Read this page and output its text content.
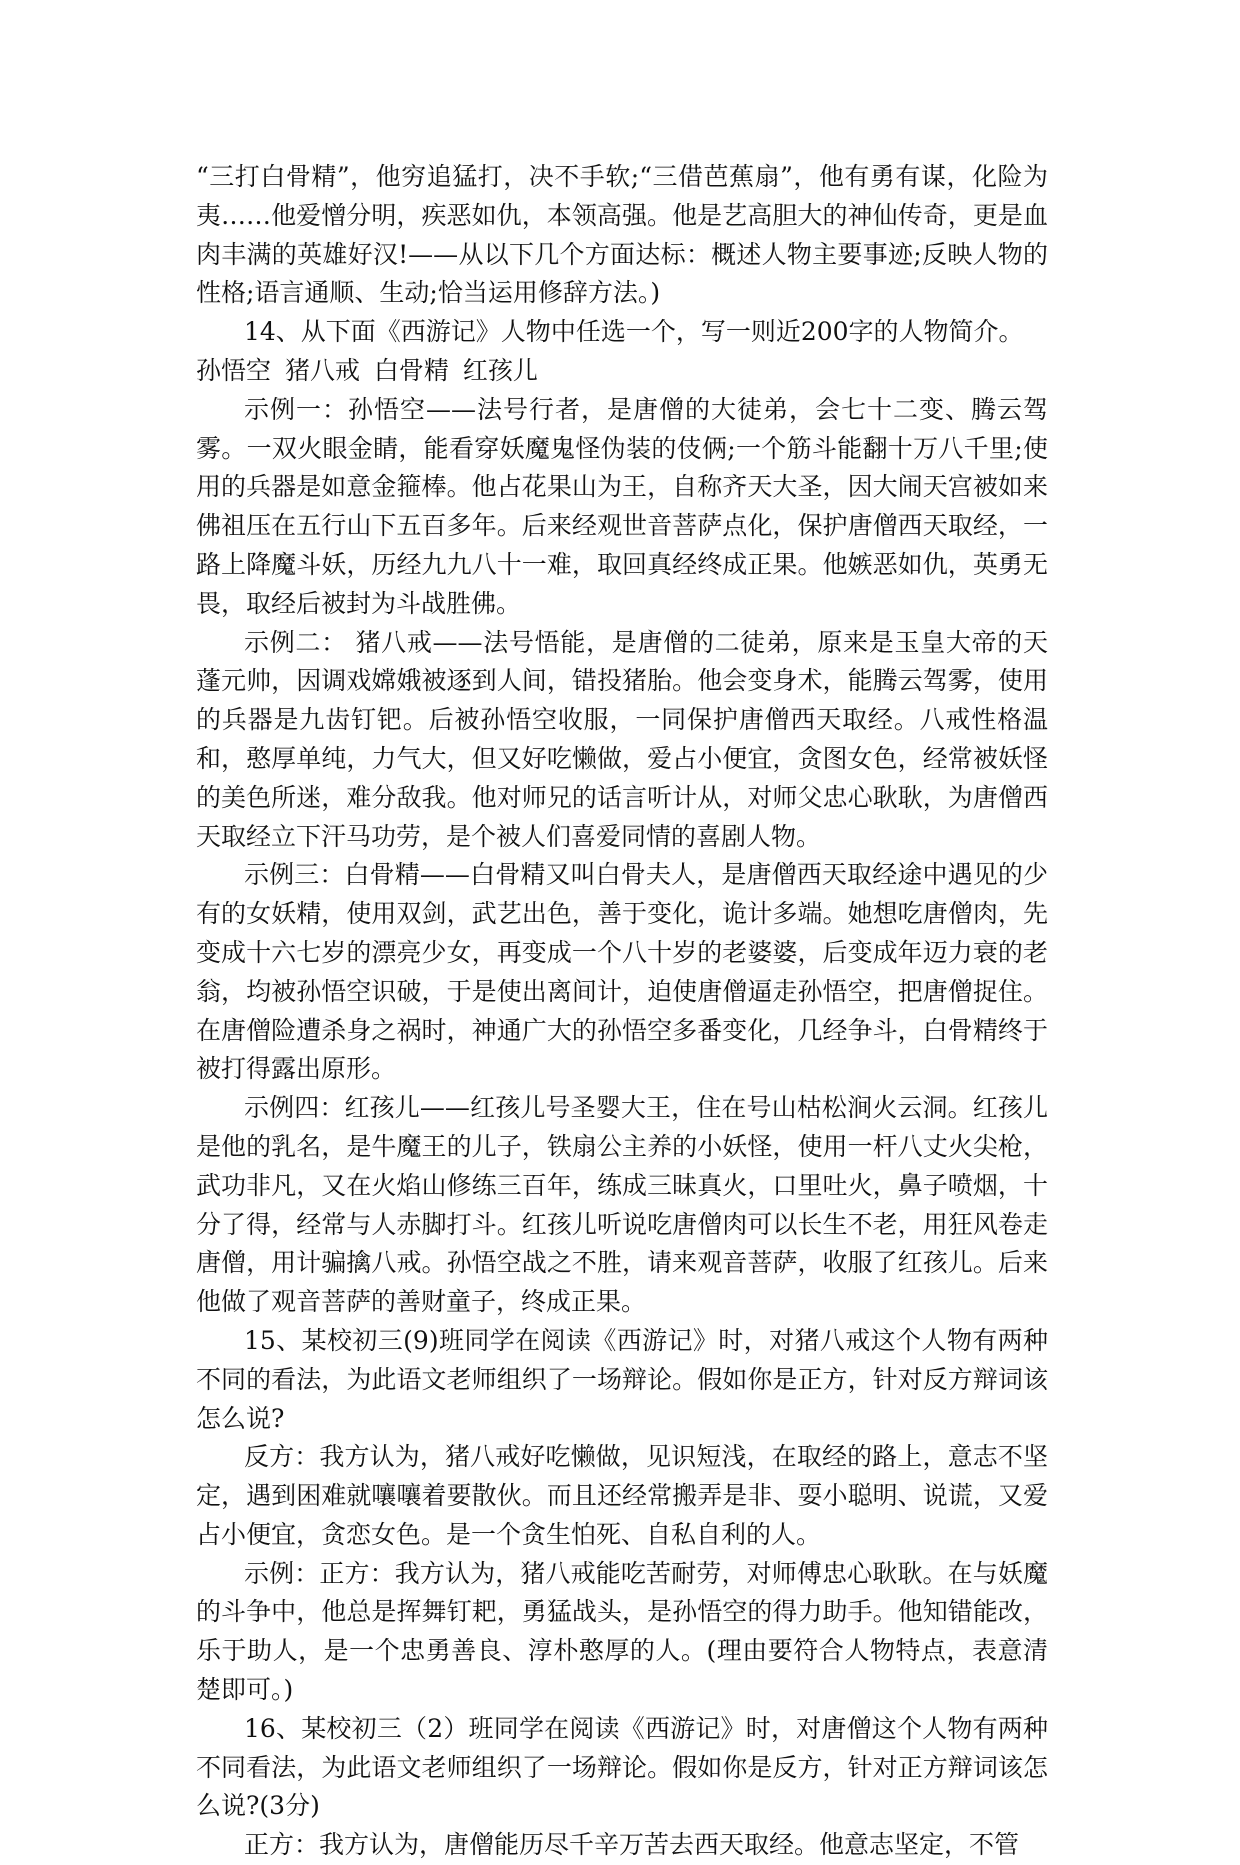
“三打白骨精”，他穷追猛打，决不手软;“三借芭蕉扇”，他有勇有谋，化险为夷……他爱憎分明，疾恶如仇，本领高强。他是艺高胆大的神仙传奇，更是血肉丰满的英雄好汉!——从以下几个方面达标：概述人物主要事迹;反映人物的性格;语言通顺、生动;恰当运用修辞方法。)

14、从下面《西游记》人物中任选一个，写一则近200字的人物简介。

孙悟空 猪八戒 白骨精 红孩儿

示例一：孙悟空——法号行者，是唐僧的大徒弟，会七十二变、腾云驾雾。一双火眼金睛，能看穿妖魔鬼怪伪装的伎俩;一个筋斗能翻十万八千里;使用的兵器是如意金箍棒。他占花果山为王，自称齐天大圣，因大闹天宫被如来佛祖压在五行山下五百多年。后来经观世音菩萨点化，保护唐僧西天取经，一路上降魔斗妖，历经九九八十一难，取回真经终成正果。他嫉恶如仇，英勇无畏，取经后被封为斗战胜佛。

示例二： 猪八戒——法号悟能，是唐僧的二徒弟，原来是玉皇大帝的天蓬元帅，因调戏嫦娥被逐到人间，错投猪胎。他会变身术，能腾云驾雾，使用的兵器是九齿钉钯。后被孙悟空收服，一同保护唐僧西天取经。八戒性格温和，憨厚单纯，力气大，但又好吃懒做，爱占小便宜，贪图女色，经常被妖怪的美色所迷，难分敌我。他对师兄的话言听计从，对师父忠心耿耿，为唐僧西天取经立下汗马功劳，是个被人们喜爱同情的喜剧人物。

示例三：白骨精——白骨精又叫白骨夫人，是唐僧西天取经途中遇见的少有的女妖精，使用双剑，武艺出色，善于变化，诡计多端。她想吃唐僧肉，先变成十六七岁的漂亮少女，再变成一个八十岁的老婆婆，后变成年迈力衰的老翁，均被孙悟空识破，于是使出离间计，迫使唐僧逼走孙悟空，把唐僧捉住。在唐僧险遭杀身之祸时，神通广大的孙悟空多番变化，几经争斗，白骨精终于被打得露出原形。

示例四：红孩儿——红孩儿号圣婴大王，住在号山枯松涧火云洞。红孩儿是他的乳名，是牛魔王的儿子，铁扇公主养的小妖怪，使用一杆八丈火尖枪，武功非凡，又在火焰山修练三百年，练成三昧真火，口里吐火，鼻子喷烟，十分了得，经常与人赤脚打斗。红孩儿听说吃唐僧肉可以长生不老，用狂风卷走唐僧，用计骗擒八戒。孙悟空战之不胜，请来观音菩萨，收服了红孩儿。后来他做了观音菩萨的善财童子，终成正果。

15、某校初三(9)班同学在阅读《西游记》时，对猪八戒这个人物有两种不同的看法，为此语文老师组织了一场辩论。假如你是正方，针对反方辩词该怎么说?

反方：我方认为，猪八戒好吃懒做，见识短浅，在取经的路上，意志不坚定，遇到困难就嚷嚷着要散伙。而且还经常搬弄是非、耍小聪明、说谎，又爱占小便宜，贪恋女色。是一个贪生怕死、自私自利的人。

示例：正方：我方认为，猪八戒能吃苦耐劳，对师傅忠心耿耿。在与妖魔的斗争中，他总是挥舞钉耙，勇猛战头，是孙悟空的得力助手。他知错能改，乐于助人，是一个忠勇善良、淳朴憨厚的人。(理由要符合人物特点，表意清楚即可。)

16、某校初三（2）班同学在阅读《西游记》时，对唐僧这个人物有两种不同看法，为此语文老师组织了一场辩论。假如你是反方，针对正方辩词该怎么说?(3分)

正方：我方认为，唐僧能历尽千辛万苦去西天取经。他意志坚定，不管
